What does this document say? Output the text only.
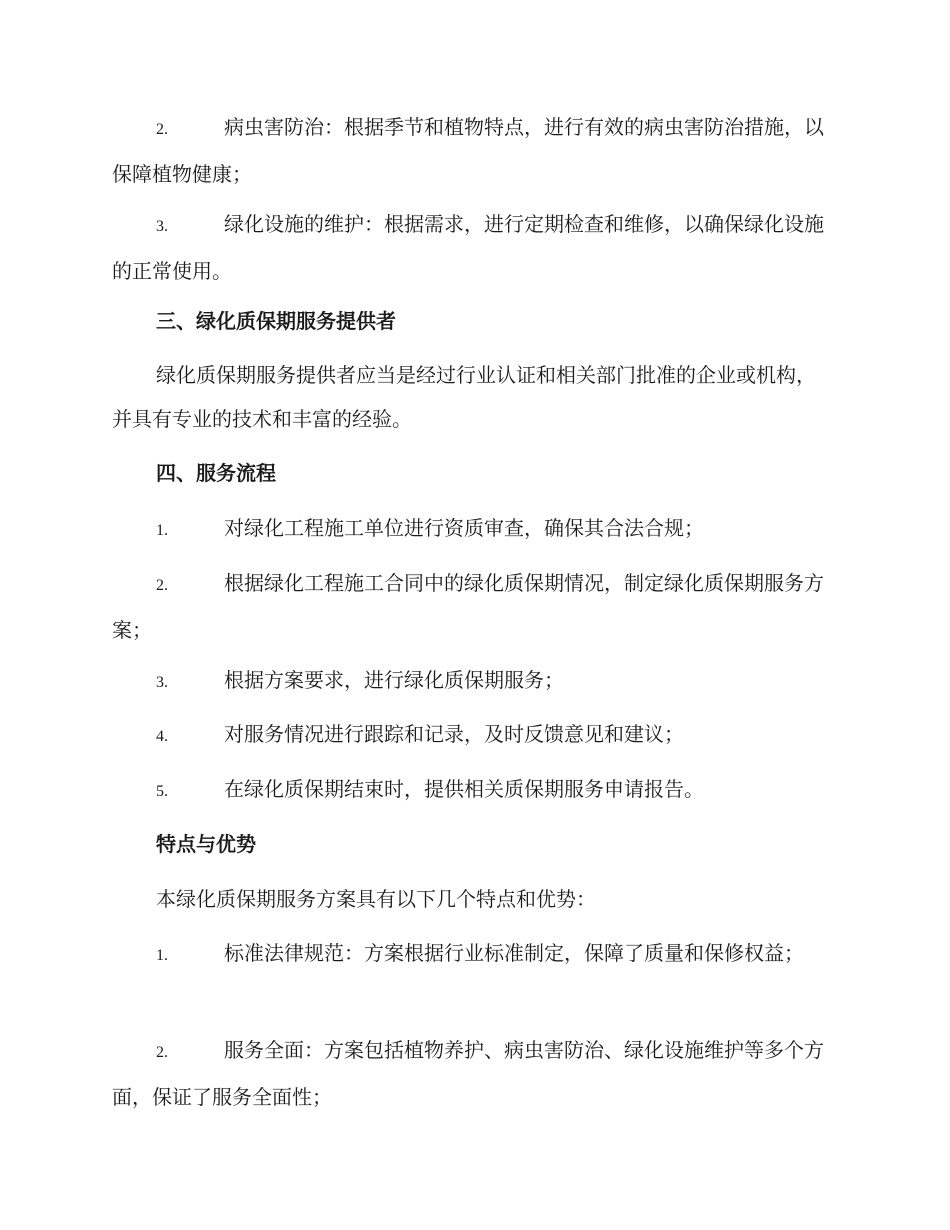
2.	病虫害防治：根据季节和植物特点，进行有效的病虫害防治措施，以保障植物健康；
3.	绿化设施的维护：根据需求，进行定期检查和维修，以确保绿化设施的正常使用。
三、绿化质保期服务提供者
绿化质保期服务提供者应当是经过行业认证和相关部门批准的企业或机构，并具有专业的技术和丰富的经验。
四、服务流程
1.	对绿化工程施工单位进行资质审查，确保其合法合规；
2.	根据绿化工程施工合同中的绿化质保期情况，制定绿化质保期服务方案；
3.	根据方案要求，进行绿化质保期服务；
4.	对服务情况进行跟踪和记录，及时反馈意见和建议；
5.	在绿化质保期结束时，提供相关质保期服务申请报告。
特点与优势
本绿化质保期服务方案具有以下几个特点和优势：
1.	标准法律规范：方案根据行业标准制定，保障了质量和保修权益；
2.	服务全面：方案包括植物养护、病虫害防治、绿化设施维护等多个方面，保证了服务全面性；
